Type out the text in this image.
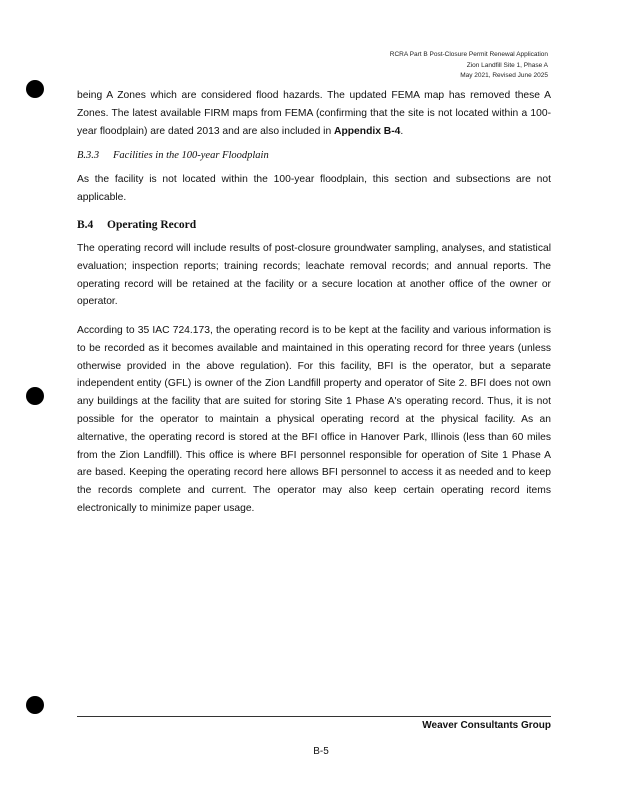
RCRA Part B Post-Closure Permit Renewal Application
Zion Landfill Site 1, Phase A
May 2021, Revised June 2025
being A Zones which are considered flood hazards. The updated FEMA map has removed these A Zones. The latest available FIRM maps from FEMA (confirming that the site is not located within a 100-year floodplain) are dated 2013 and are also included in Appendix B-4.
B.3.3 Facilities in the 100-year Floodplain
As the facility is not located within the 100-year floodplain, this section and subsections are not applicable.
B.4 Operating Record
The operating record will include results of post-closure groundwater sampling, analyses, and statistical evaluation; inspection reports; training records; leachate removal records; and annual reports. The operating record will be retained at the facility or a secure location at another office of the owner or operator.
According to 35 IAC 724.173, the operating record is to be kept at the facility and various information is to be recorded as it becomes available and maintained in this operating record for three years (unless otherwise provided in the above regulation). For this facility, BFI is the operator, but a separate independent entity (GFL) is owner of the Zion Landfill property and operator of Site 2. BFI does not own any buildings at the facility that are suited for storing Site 1 Phase A's operating record. Thus, it is not possible for the operator to maintain a physical operating record at the physical facility. As an alternative, the operating record is stored at the BFI office in Hanover Park, Illinois (less than 60 miles from the Zion Landfill). This office is where BFI personnel responsible for operation of Site 1 Phase A are based. Keeping the operating record here allows BFI personnel to access it as needed and to keep the records complete and current. The operator may also keep certain operating record items electronically to minimize paper usage.
Weaver Consultants Group
B-5
